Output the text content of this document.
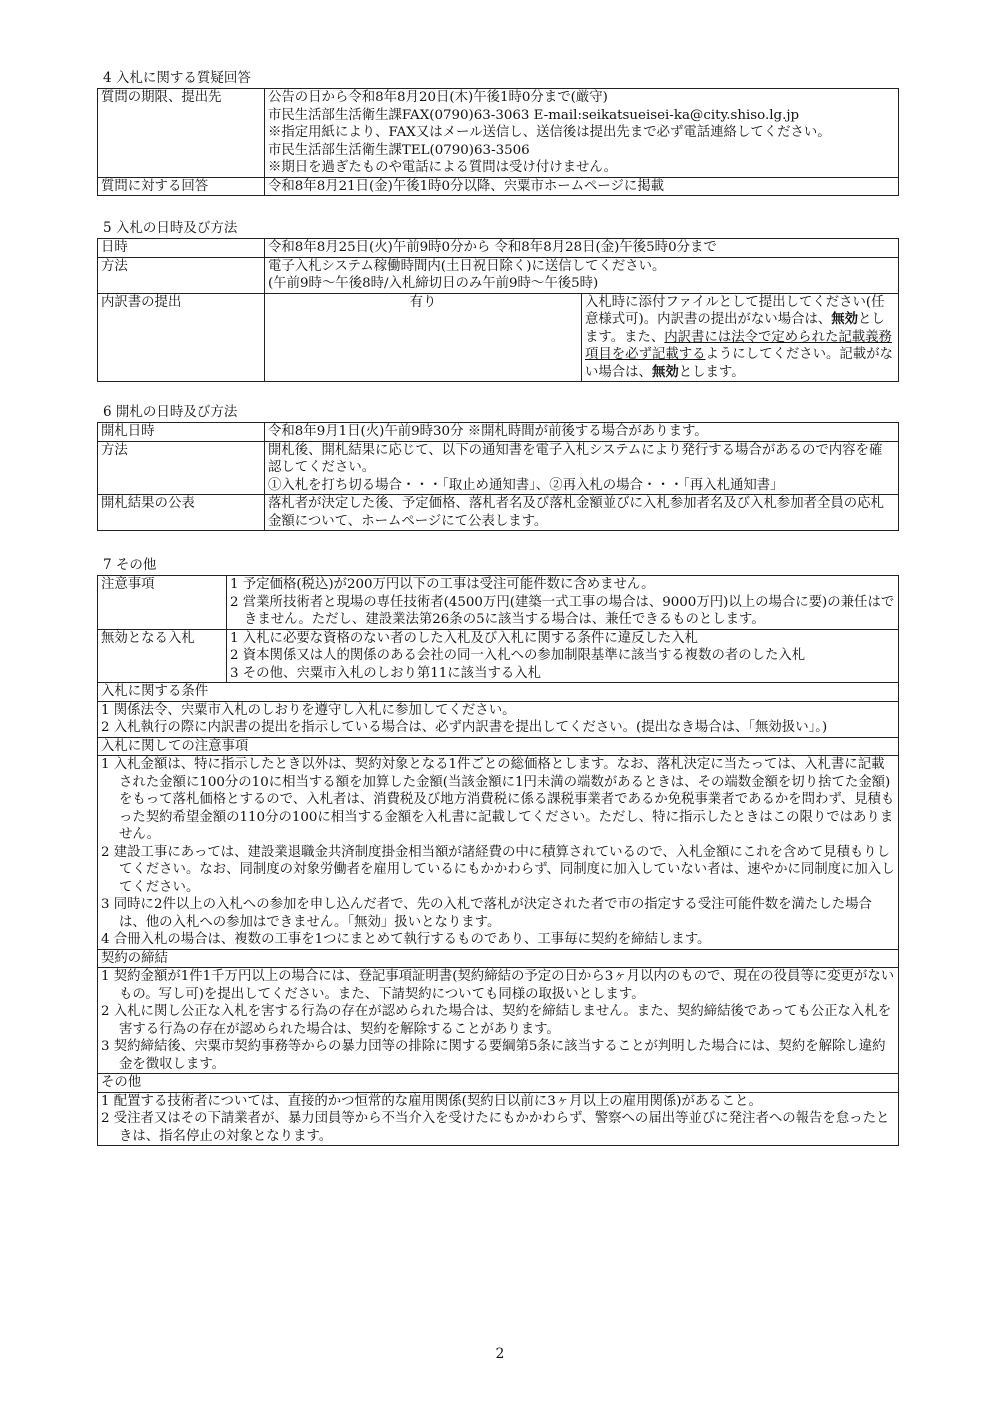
4 入札に関する質疑回答
質問の期限、提出先	公告の日から令和8年8月20日(木)午後1時0分まで(厳守)
市民生活部生活衛生課FAX(0790)63-3063 E-mail:seikatsueisei-ka@city.shiso.lg.jp
※指定用紙により、FAX又はメール送信し、送信後は提出先まで必ず電話連絡してください。
市民生活部生活衛生課TEL(0790)63-3506
※期日を過ぎたものや電話による質問は受け付けません。

質問に対する回答	令和8年8月21日(金)午後1時0分以降、宍粟市ホームページに掲載
5 入札の日時及び方法
日時	令和8年8月25日(火)午前9時0分から 令和8年8月28日(金)午後5時0分まで	
方法	電子入札システム稼働時間内(土日祝日除く)に送信してください。
(午前9時～午後8時/入札締切日のみ午前9時～午後5時)	

内訳書の提出	有り	入札時に添付ファイルとして提出してください(任意様式可)。内訳書の提出がない場合は、無効とします。また、内訳書には法令で定められた記載義務項目を必ず記載するようにしてください。記載がない場合は、無効とします。
6 開札の日時及び方法
開札日時	令和8年9月1日(火)午前9時30分 ※開札時間が前後する場合があります。
方法	開札後、開札結果に応じて、以下の通知書を電子入札システムにより発行する場合があるので内容を確認してください。
①入札を打ち切る場合・・・「取止め通知書」、②再入札の場合・・・「再入札通知書」

開札結果の公表	落札者が決定した後、予定価格、落札者名及び落札金額並びに入札参加者名及び入札参加者全員の応札金額について、ホームページにて公表します。
7 その他
注意事項	1 予定価格(税込)が200万円以下の工事は受注可能件数に含めません。
2 営業所技術者と現場の専任技術者(4500万円(建築一式工事の場合は、9000万円)以上の場合に要)の兼任はできません。ただし、建設業法第26条の5に該当する場合は、兼任できるものとします。

無効となる入札	1 入札に必要な資格のない者のした入札及び入札に関する条件に違反した入札
2 資本関係又は人的関係のある会社の同一入札への参加制限基準に該当する複数の者のした入札
3 その他、宍粟市入札のしおり第11に該当する入札

入札に関する条件	

1 関係法令、宍粟市入札のしおりを遵守し入札に参加してください。
2 入札執行の際に内訳書の提出を指示している場合は、必ず内訳書を提出してください。(提出なき場合は、「無効扱い」。)	

入札に関しての注意事項	

1 入札金額は、特に指示したとき以外は、契約対象となる1件ごとの総価格とします。なお、落札決定に当たっては、入札書に記載された金額に100分の10に相当する額を加算した金額(当該金額に1円未満の端数があるときは、その端数金額を切り捨てた金額)をもって落札価格とするので、入札者は、消費税及び地方消費税に係る課税事業者であるか免税事業者であるかを問わず、見積もった契約希望金額の110分の100に相当する金額を入札書に記載してください。ただし、特に指示したときはこの限りではありません。
2 建設工事にあっては、建設業退職金共済制度掛金相当額が諸経費の中に積算されているので、入札金額にこれを含めて見積もりしてください。なお、同制度の対象労働者を雇用しているにもかかわらず、同制度に加入していない者は、速やかに同制度に加入してください。
3 同時に2件以上の入札への参加を申し込んだ者で、先の入札で落札が決定された者で市の指定する受注可能件数を満たした場合は、他の入札への参加はできません。「無効」扱いとなります。
4 合冊入札の場合は、複数の工事を1つにまとめて執行するものであり、工事毎に契約を締結します。	

契約の締結	

1 契約金額が1件1千万円以上の場合には、登記事項証明書(契約締結の予定の日から3ヶ月以内のもので、現在の役員等に変更がないもの。写し可)を提出してください。また、下請契約についても同様の取扱いとします。
2 入札に関し公正な入札を害する行為の存在が認められた場合は、契約を締結しません。また、契約締結後であっても公正な入札を害する行為の存在が認められた場合は、契約を解除することがあります。
3 契約締結後、宍粟市契約事務等からの暴力団等の排除に関する要綱第5条に該当することが判明した場合には、契約を解除し違約金を徴収します。	

その他	

1 配置する技術者については、直接的かつ恒常的な雇用関係(契約日以前に3ヶ月以上の雇用関係)があること。
2 受注者又はその下請業者が、暴力団員等から不当介入を受けたにもかかわらず、警察への届出等並びに発注者への報告を怠ったときは、指名停止の対象となります。	
2
